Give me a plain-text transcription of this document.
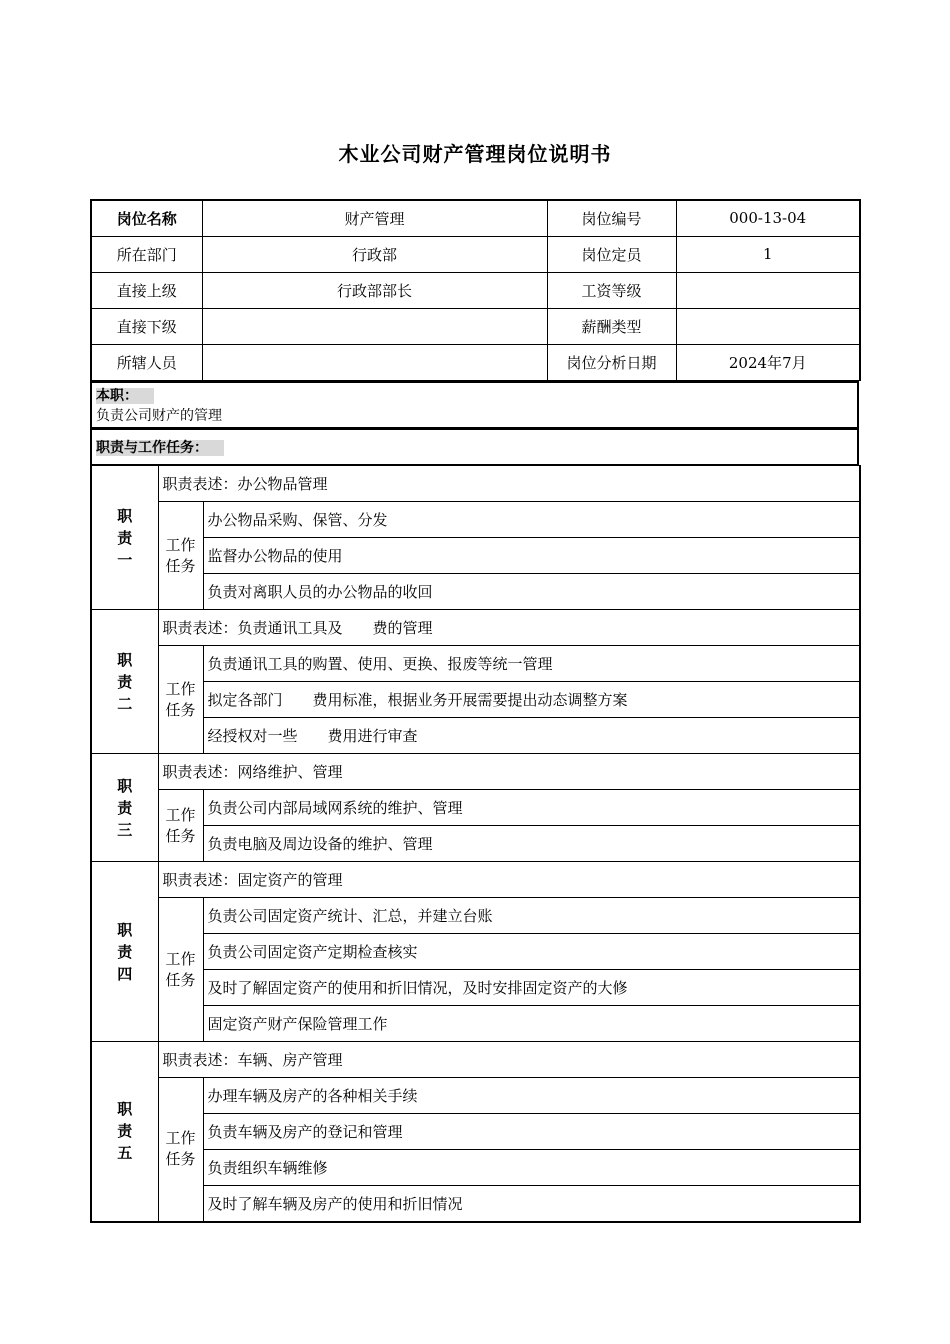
木业公司财产管理岗位说明书
岗位名称	财产管理	岗位编号	000-13-04
所在部门	行政部	岗位定员	1
直接上级	行政部部长	工资等级	
直接下级		薪酬类型	
所辖人员		岗位分析日期	2024年7月
本职：
负责公司财产的管理
职责与工作任务：
职责一	职责表述：办公物品管理	

	工作任务	办公物品采购、保管、分发
		监督办公物品的使用
		负责对离职人员的办公物品的收回

职责二	职责表述：负责通讯工具及　　费的管理	

	工作任务	负责通讯工具的购置、使用、更换、报废等统一管理
		拟定各部门　　费用标准，根据业务开展需要提出动态调整方案
		经授权对一些　　费用进行审查

职责三	职责表述：网络维护、管理	

	工作任务	负责公司内部局域网系统的维护、管理
		负责电脑及周边设备的维护、管理

职责四	职责表述：固定资产的管理	

	工作任务	负责公司固定资产统计、汇总，并建立台账
		负责公司固定资产定期检查核实
		及时了解固定资产的使用和折旧情况，及时安排固定资产的大修
		固定资产财产保险管理工作

职责五	职责表述：车辆、房产管理	

	工作任务	办理车辆及房产的各种相关手续
		负责车辆及房产的登记和管理
		负责组织车辆维修
		及时了解车辆及房产的使用和折旧情况
